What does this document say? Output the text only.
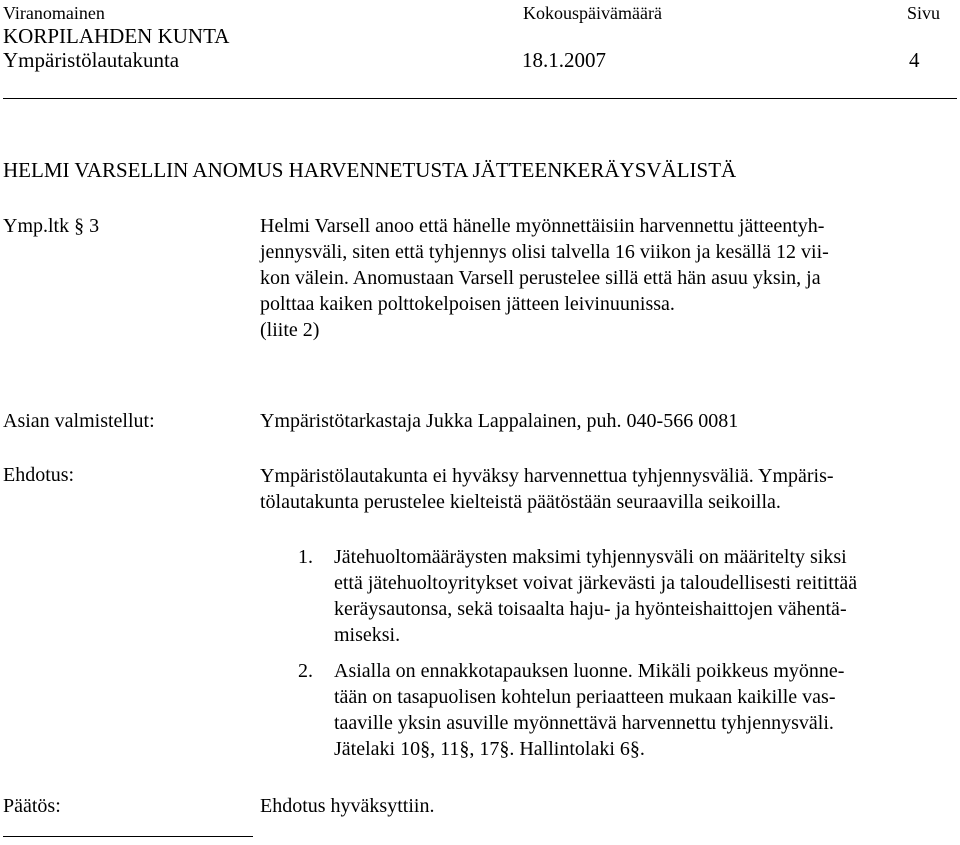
Viranomainen	Kokouspäivämäärä	Sivu
KORPILAHDEN KUNTA
Ympäristölautakunta	18.1.2007	4
HELMI VARSELLIN ANOMUS HARVENNETUSTA JÄTTEENKERÄYSVÄLISTÄ
Ymp.ltk § 3	Helmi Varsell anoo että hänelle myönnettäisiin harvennettu jätteentyh-
jennysväli, siten että tyhjennys olisi talvella 16 viikon ja kesällä 12 vii-
kon välein. Anomustaan Varsell perustelee sillä että hän asuu yksin, ja
polttaa kaiken polttokelpoisen jätteen leivinuunissa.
(liite 2)
Asian valmistellut:	Ympäristötarkastaja Jukka Lappalainen, puh. 040-566 0081
Ehdotus:	Ympäristölautakunta ei hyväksy harvennettua tyhjennysväliä. Ympäris-
tölautakunta perustelee kielteistä päätöstään seuraavilla seikoilla.
1. Jätehuoltomääräysten maksimi tyhjennysväli on määritelty siksi
että jätehuoltoyritykset voivat järkevästi ja taloudellisesti reitittää
keräysautonsa, sekä toisaalta haju- ja hyönteishaittojen vähentä-
miseksi.
2. Asialla on ennakkotapauksen luonne. Mikäli poikkeus myönne-
tään on tasapuolisen kohtelun periaatteen mukaan kaikille vas-
taaville yksin asuville myönnettävä harvennettu tyhjennysväli.
Jätelaki 10§, 11§, 17§. Hallintolaki 6§.
Päätös:	Ehdotus hyväksyttiin.
